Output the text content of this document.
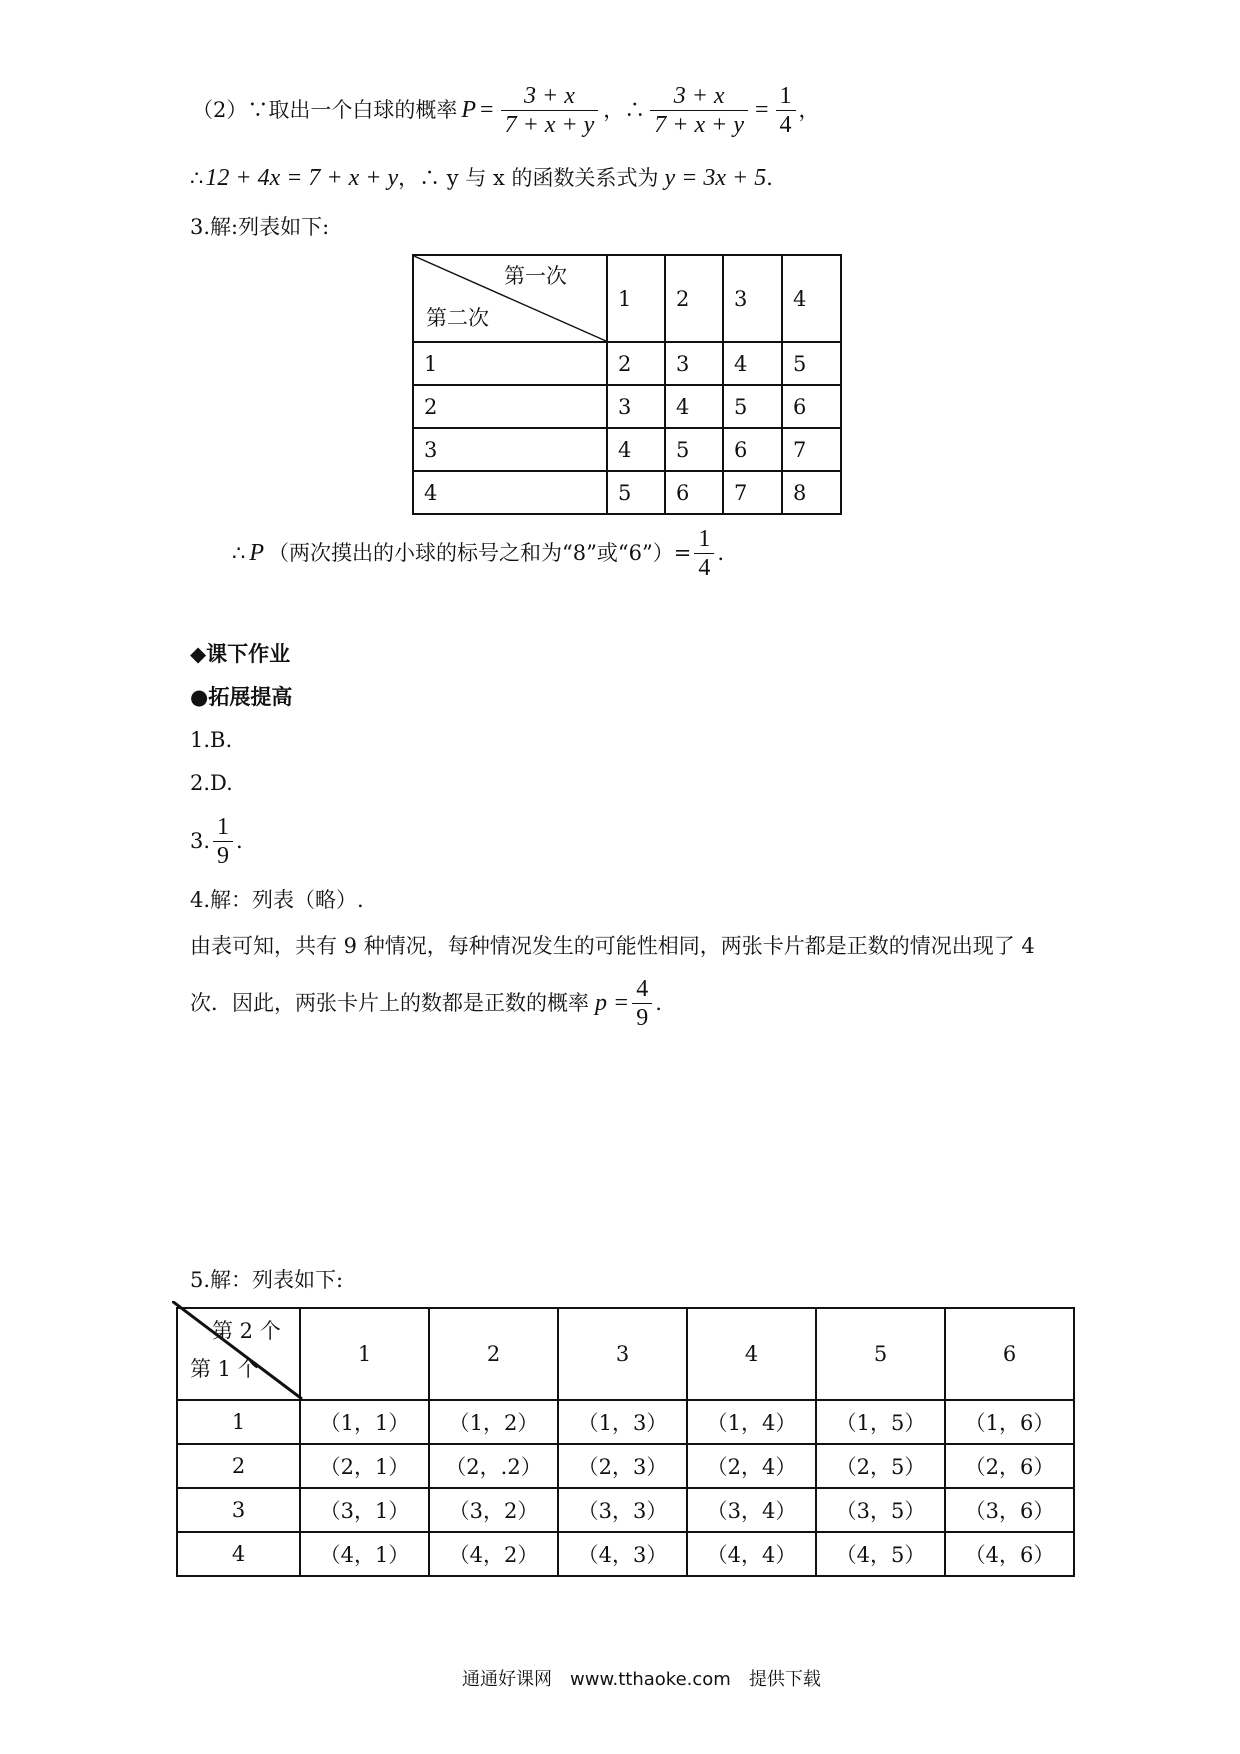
（2）∵取出一个白球的概率 $P = \frac{3 + x}{7 + x + y}$ ，∴ $\frac{3 + x}{7 + x + y} = \frac{1}{4}$ ，
∴ 12 + 4x = 7 + x + y ，∴ y 与 x 的函数关系式为 y = 3x + 5 ．
3.解:列表如下:
第一次
第二次	1	2	3	4
1	2	3	4	5
2	3	4	5	6
3	4	5	6	7
4	5	6	7	8
∴ P （两次摸出的小球的标号之和为“8”或“6”）= $\frac{1}{4}$ .
◆课下作业
●拓展提高
1.B.
2.D.
3. $\frac{1}{9}$ .
4.解：列表（略）.
由表可知，共有 9 种情况，每种情况发生的可能性相同，两张卡片都是正数的情况出现了 4
次．因此，两张卡片上的数都是正数的概率 $p = \frac{4}{9}$ .
5.解：列表如下:
第 2 个
第 1 个	1	2	3	4	5	6
1	（1，1）	（1，2）	（1，3）	（1，4）	（1，5）	（1，6）
2	（2，1）	（2，.2）	（2，3）	（2，4）	（2，5）	（2，6）
3	（3，1）	（3，2）	（3，3）	（3，4）	（3，5）	（3，6）
4	（4，1）	（4，2）	（4，3）	（4，4）	（4，5）	（4，6）
通通好课网　www.tthaoke.com　提供下载
